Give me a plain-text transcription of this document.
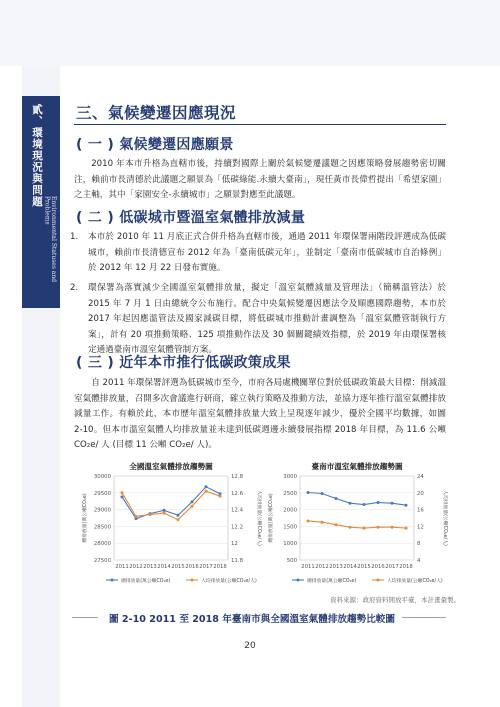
貳、環境現況與問題
Environmental Statuses and Problems
三、氣候變遷因應現況
( 一 ) 氣候變遷因應願景
2010 年本市升格為直轄市後，持續對國際上關於氣候變遷議題之因應策略發展趨勢密切關注，賴前市長清德於此議題之願景為「低碳綠能.永續大臺南」，現任黃市長偉哲提出「希望家園」之主軸，其中「家園安全-永續城市」之願景對應至此議題。
( 二 ) 低碳城市暨溫室氣體排放減量
1.	本市於 2010 年 11 月底正式合併升格為直轄市後，通過 2011 年環保署兩階段評選成為低碳城市，賴前市長清德宣布 2012 年為「臺南低碳元年」，並制定「臺南市低碳城市自治條例」於 2012 年 12 月 22 日發布實施。
2.	環保署為落實減少全國溫室氣體排放量，擬定「溫室氣體減量及管理法」（簡稱溫管法）於 2015 年 7 月 1 日由總統令公布施行。配合中央氣候變遷因應法令及順應國際趨勢，本市於 2017 年起因應溫管法及國家減碳目標，將低碳城市推動計畫調整為「溫室氣體管制執行方案」，計有 20 項推動策略、125 項推動作法及 30 個關鍵績效指標，於 2019 年由環保署核定通過臺南市溫室氣體管制方案。
( 三 ) 近年本市推行低碳政策成果
自 2011 年環保署評選為低碳城市至今，市府各局處機關單位對於低碳政策最大目標：削減溫室氣體排放量，召開多次會議進行研商，確立執行策略及推動方法，並協力逐年推行溫室氣體排放減量工作。有賴於此，本市歷年溫室氣體排放量大致上呈現逐年減少，優於全國平均數據，如圖 2-10。但本市溫室氣體人均排放量並未達到低碳週邊永續發展指標 2018 年目標，為 11.6 公噸 CO₂e/ 人 (目標 11 公噸 CO₂e/ 人)。
全國溫室氣體排放趨勢圖
27500	11.8
28000	12
28500	12.2
29000	12.4
29500	12.6
30000	12.8
2011 2012 2013 2014 2015 2016 2017 2018
總排放量(萬公噸CO₂e)	人均排放量(公噸CO₂e/人)
總排放量(萬公噸CO₂e)	人均排放量(公噸CO₂e/人)
臺南市溫室氣體排放趨勢圖
500	4
1000	8
1500	12
2000	16
2500	20
3000	24
2011 2012 2013 2014 2015 2016 2017 2018
總排放量(萬公噸CO₂e)	人均排放量(公噸CO₂e/人)
總排放量(萬公噸CO₂e)	人均排放量(公噸CO₂e/人)
資料來源：政府資料開放平臺，本計畫彙製。
圖 2-10 2011 至 2018 年臺南市與全國溫室氣體排放趨勢比較圖
20
